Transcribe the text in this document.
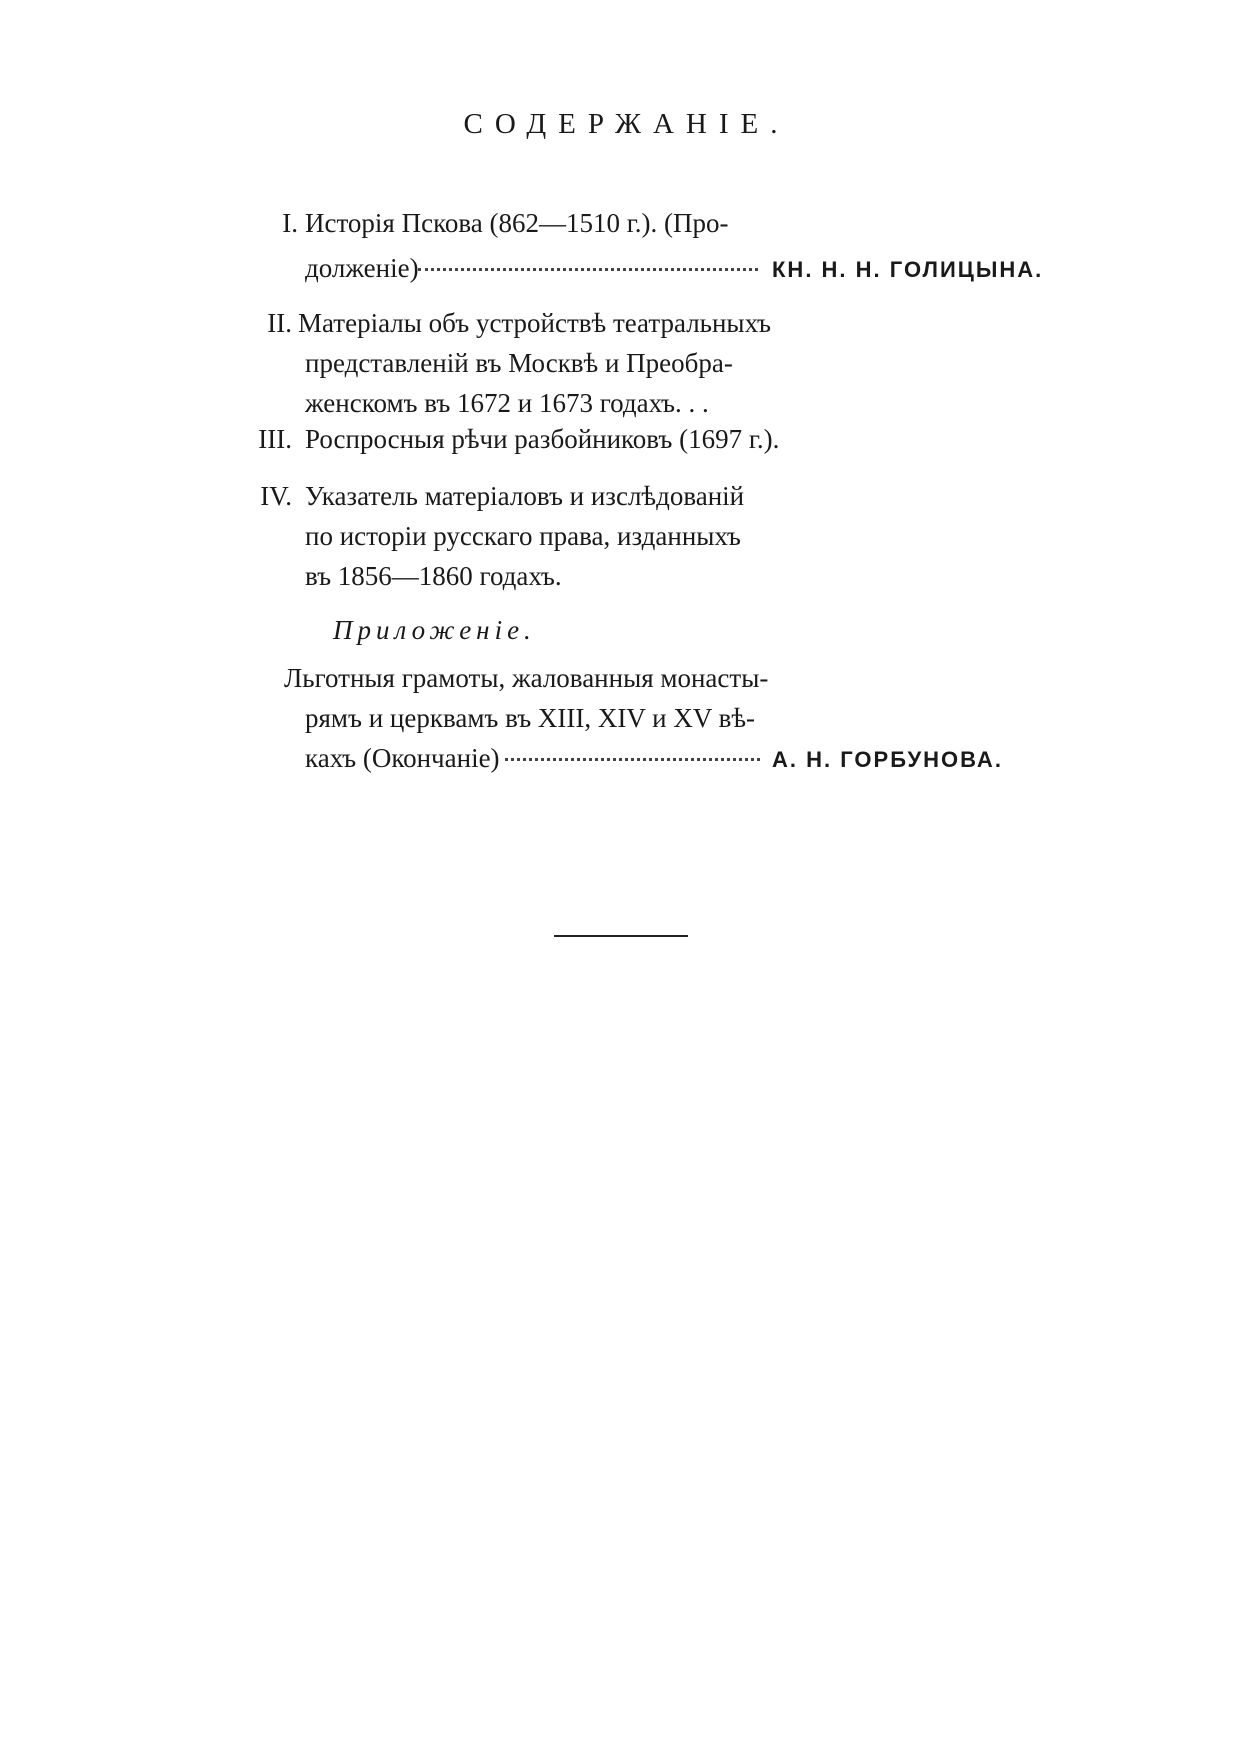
СОДЕРЖАНІЕ.
I. Исторія Пскова (862—1510 г.). (Про-
долженіе)	КН. Н. Н. ГОЛИЦЫНА.
II. Матеріалы объ устройствѣ театральныхъ
представленій въ Москвѣ и Преобра-
женскомъ въ 1672 и 1673 годахъ. . .
III. Роспросныя рѣчи разбойниковъ (1697 г.).
IV. Указатель матеріаловъ и изслѣдованій
по исторіи русскаго права, изданныхъ
въ 1856—1860 годахъ.
Приложеніе.
Льготныя грамоты, жалованныя монасты-
рямъ и церквамъ въ XIII, XIV и XV вѣ-
кахъ (Окончаніе)	А. Н. ГОРБУНОВА.
